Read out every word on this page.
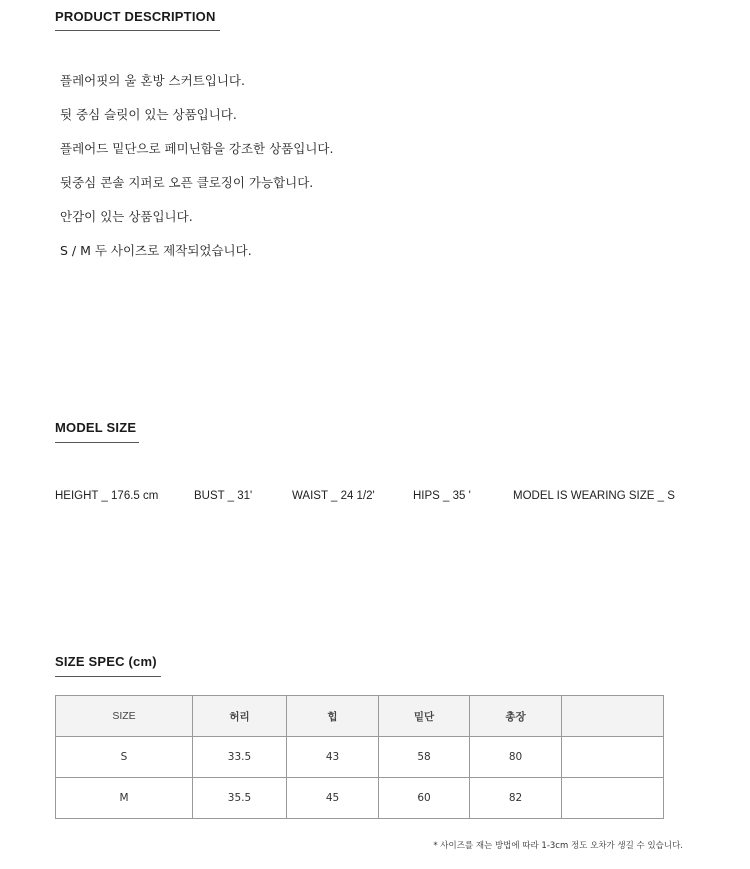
PRODUCT DESCRIPTION
플레어핏의 울 혼방 스커트입니다.
뒷 중심 슬릿이 있는 상품입니다.
플레어드 밑단으로 페미닌함을 강조한 상품입니다.
뒷중심 콘솔 지퍼로 오픈 클로징이 가능합니다.
안감이 있는 상품입니다.
S / M 두 사이즈로 제작되었습니다.
MODEL SIZE
HEIGHT _ 176.5 cm	BUST _ 31'	WAIST _ 24 1/2'	HIPS _ 35 '	MODEL IS WEARING SIZE _ S
SIZE SPEC (cm)
SIZE	허리	힙	밑단	총장	
S	33.5	43	58	80	
M	35.5	45	60	82	
* 사이즈를 재는 방법에 따라 1-3cm 정도 오차가 생길 수 있습니다.
